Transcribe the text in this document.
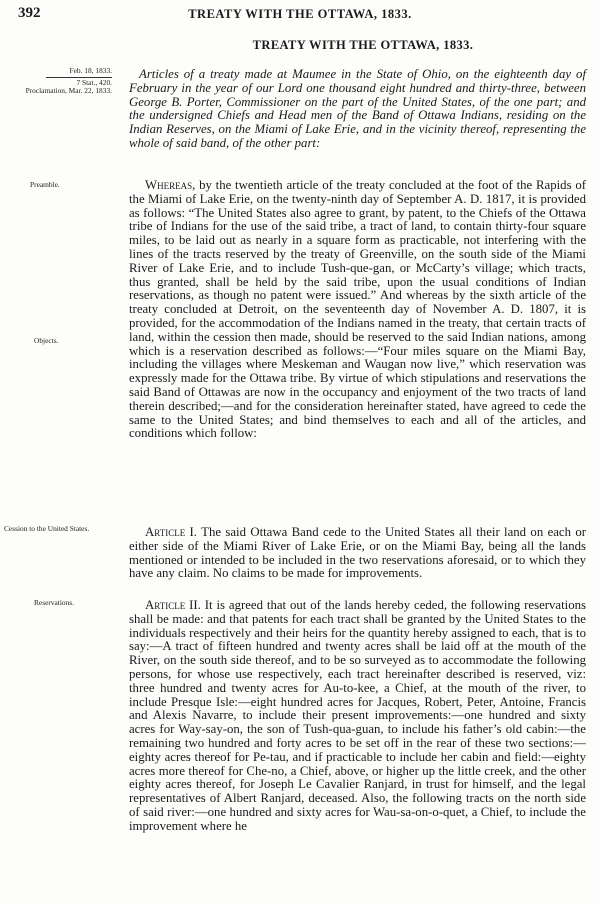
392	TREATY WITH THE OTTAWA, 1833.
TREATY WITH THE OTTAWA, 1833.
Feb. 18, 1833.
7 Stat., 420.
Proclamation, Mar. 22, 1833.
Preamble.
Objects.
Cession to the United States.
Reservations.

Articles of a treaty made at Maumee in the State of Ohio, on the eighteenth day of February in the year of our Lord one thousand eight hundred and thirty-three, between George B. Porter, Commissioner on the part of the United States, of the one part; and the undersigned Chiefs and Head men of the Band of Ottawa Indians, residing on the Indian Reserves, on the Miami of Lake Erie, and in the vicinity thereof, representing the whole of said band, of the other part:

Whereas, by the twentieth article of the treaty concluded at the foot of the Rapids of the Miami of Lake Erie, on the twenty-ninth day of September A. D. 1817, it is provided as follows: “The United States also agree to grant, by patent, to the Chiefs of the Ottawa tribe of Indians for the use of the said tribe, a tract of land, to contain thirty-four square miles, to be laid out as nearly in a square form as practicable, not interfering with the lines of the tracts reserved by the treaty of Greenville, on the south side of the Miami River of Lake Erie, and to include Tush-que-gan, or McCarty’s village; which tracts, thus granted, shall be held by the said tribe, upon the usual conditions of Indian reservations, as though no patent were issued.” And whereas by the sixth article of the treaty concluded at Detroit, on the seventeenth day of November A. D. 1807, it is provided, for the accommodation of the Indians named in the treaty, that certain tracts of land, within the cession then made, should be reserved to the said Indian nations, among which is a reservation described as follows:—“Four miles square on the Miami Bay, including the villages where Meskeman and Waugan now live,” which reservation was expressly made for the Ottawa tribe. By virtue of which stipulations and reservations the said Band of Ottawas are now in the occupancy and enjoyment of the two tracts of land therein described;—and for the consideration hereinafter stated, have agreed to cede the same to the United States; and bind themselves to each and all of the articles, and conditions which follow:

Article I. The said Ottawa Band cede to the United States all their land on each or either side of the Miami River of Lake Erie, or on the Miami Bay, being all the lands mentioned or intended to be included in the two reservations aforesaid, or to which they have any claim. No claims to be made for improvements.

Article II. It is agreed that out of the lands hereby ceded, the following reservations shall be made: and that patents for each tract shall be granted by the United States to the individuals respectively and their heirs for the quantity hereby assigned to each, that is to say:—A tract of fifteen hundred and twenty acres shall be laid off at the mouth of the River, on the south side thereof, and to be so surveyed as to accommodate the following persons, for whose use respectively, each tract hereinafter described is reserved, viz: three hundred and twenty acres for Au-to-kee, a Chief, at the mouth of the river, to include Presque Isle:—eight hundred acres for Jacques, Robert, Peter, Antoine, Francis and Alexis Navarre, to include their present improvements:—one hundred and sixty acres for Way-say-on, the son of Tush-qua-guan, to include his father’s old cabin:—the remaining two hundred and forty acres to be set off in the rear of these two sections:—eighty acres thereof for Pe-tau, and if practicable to include her cabin and field:—eighty acres more thereof for Che-no, a Chief, above, or higher up the little creek, and the other eighty acres thereof, for Joseph Le Cavalier Ranjard, in trust for himself, and the legal representatives of Albert Ranjard, deceased. Also, the following tracts on the north side of said river:—one hundred and sixty acres for Wau-sa-on-o-quet, a Chief, to include the improvement where he
